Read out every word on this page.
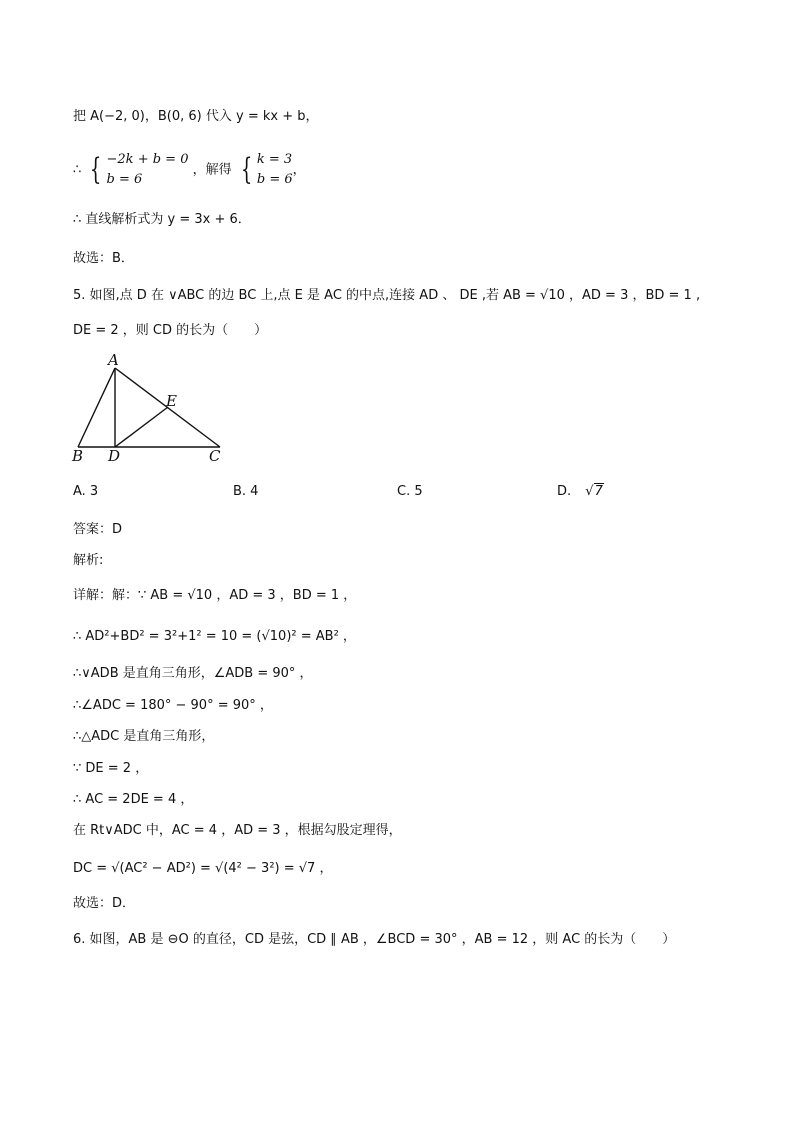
把 A(−2, 0)，B(0, 6) 代入 y = kx + b，
∴ { −2k + b = 0
b = 6 ，解得 { k = 3
b = 6，
∴ 直线解析式为 y = 3x + 6．
故选：B．
5. 如图,点 D 在 ∨ABC 的边 BC 上,点 E 是 AC 的中点,连接 AD 、 DE ,若 AB = √10 ，AD = 3 ，BD = 1 ,
DE = 2 ，则 CD 的长为（　　）
A
E
B D	C
A. 3	B. 4	C. 5	D. √7
答案：D
解析:
详解：解：∵ AB = √10 ，AD = 3 ，BD = 1 ，
∴ AD²+BD² = 3²+1² = 10 = (√10)² = AB² ，
∴∨ADB 是直角三角形，∠ADB = 90° ，
∴∠ADC = 180° − 90° = 90° ，
∴△ADC 是直角三角形，
∵ DE = 2 ，
∴ AC = 2DE = 4 ，
在 Rt∨ADC 中，AC = 4 ，AD = 3 ，根据勾股定理得，
DC = √(AC² − AD²) = √(4² − 3²) = √7 ，
故选：D．
6. 如图，AB 是 ⊖O 的直径，CD 是弦，CD ∥ AB ，∠BCD = 30° ，AB = 12 ，则 AC 的长为（　　）
